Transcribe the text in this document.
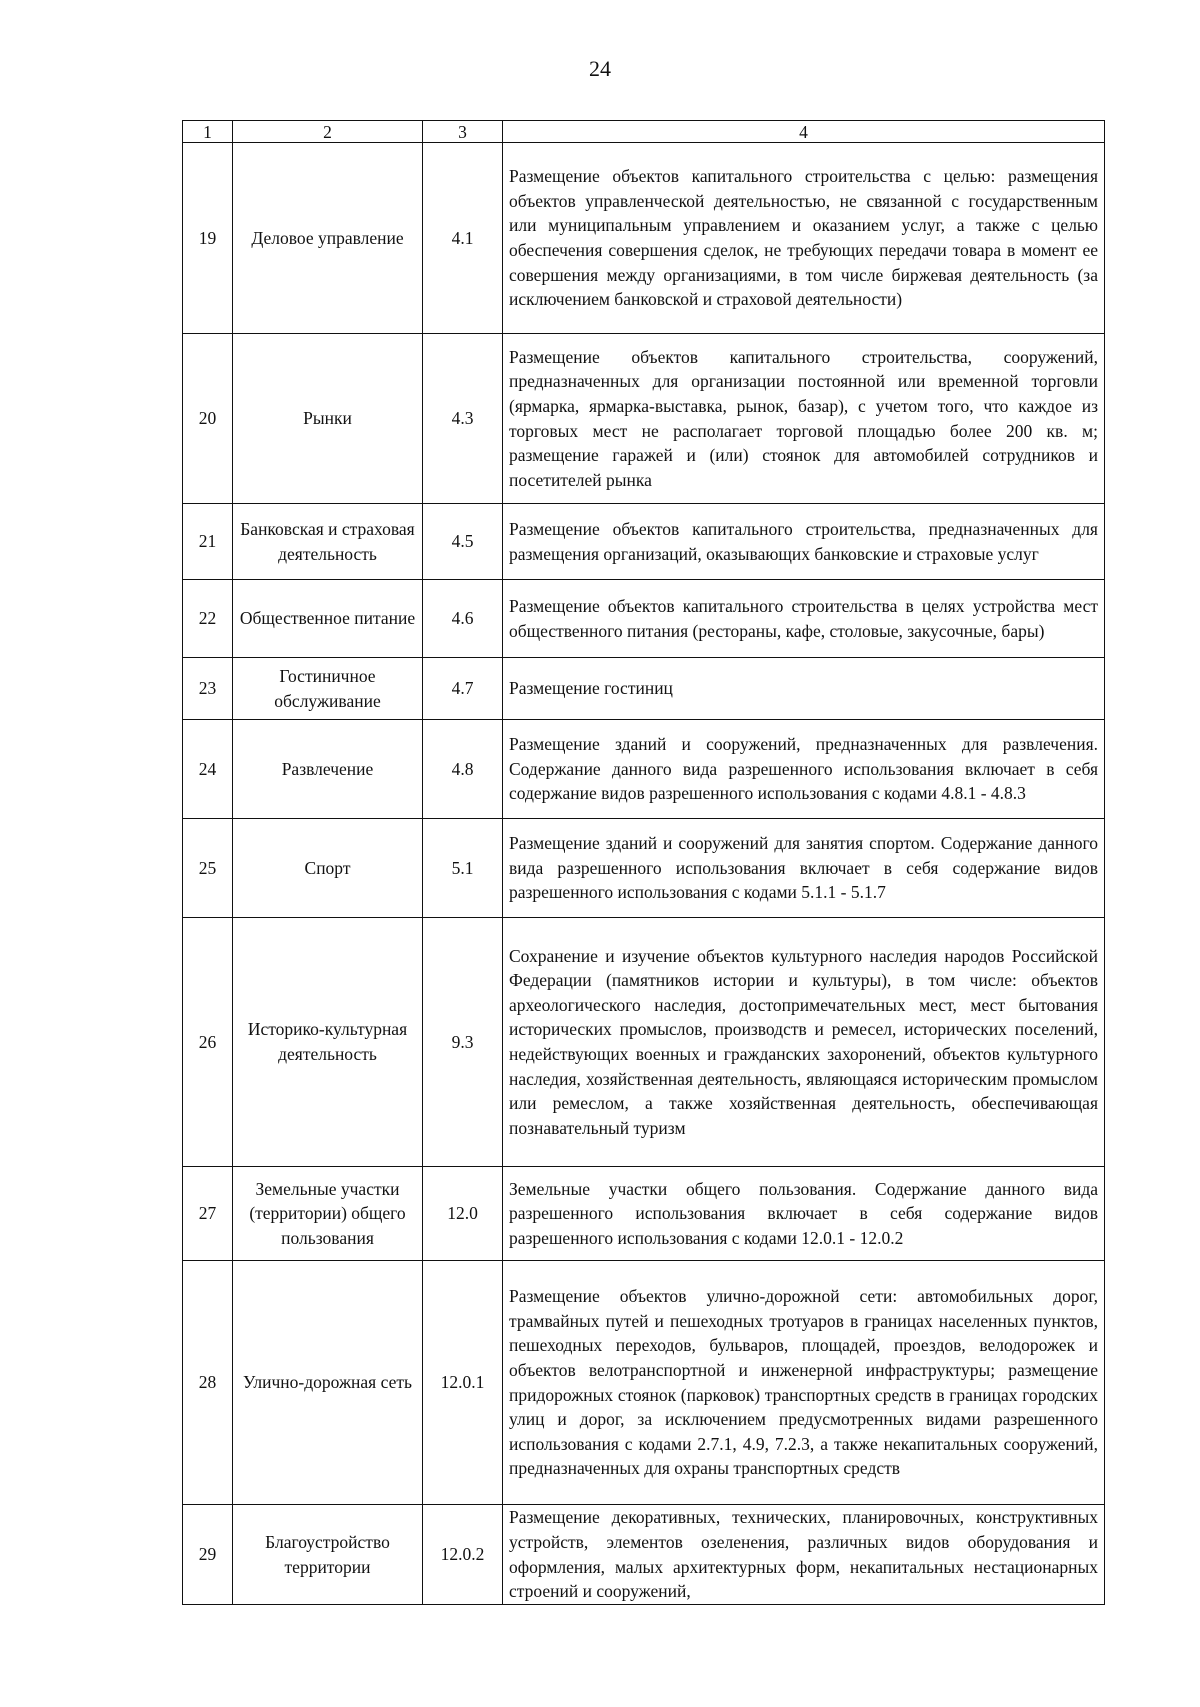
24
1	2	3	4
19	Деловое управление	4.1	Размещение объектов капитального строительства с целью: размещения объектов управленческой деятельностью, не связанной с государственным или муниципальным управлением и оказанием услуг, а также с целью обеспечения совершения сделок, не требующих передачи товара в момент ее совершения между организациями, в том числе биржевая деятельность (за исключением банковской и страховой деятельности)
20	Рынки	4.3	Размещение объектов капитального строительства, сооружений, предназначенных для организации постоянной или временной торговли (ярмарка, ярмарка-выставка, рынок, базар), с учетом того, что каждое из торговых мест не располагает торговой площадью более 200 кв. м; размещение гаражей и (или) стоянок для автомобилей сотрудников и посетителей рынка
21	Банковская и страховая деятельность	4.5	Размещение объектов капитального строительства, предназначенных для размещения организаций, оказывающих банковские и страховые услуг
22	Общественное питание	4.6	Размещение объектов капитального строительства в целях устройства мест общественного питания (рестораны, кафе, столовые, закусочные, бары)
23	Гостиничное обслуживание	4.7	Размещение гостиниц
24	Развлечение	4.8	Размещение зданий и сооружений, предназначенных для развлечения. Содержание данного вида разрешенного использования включает в себя содержание видов разрешенного использования с кодами 4.8.1 - 4.8.3
25	Спорт	5.1	Размещение зданий и сооружений для занятия спортом. Содержание данного вида разрешенного использования включает в себя содержание видов разрешенного использования с кодами 5.1.1 - 5.1.7
26	Историко-культурная деятельность	9.3	Сохранение и изучение объектов культурного наследия народов Российской Федерации (памятников истории и культуры), в том числе: объектов археологического наследия, достопримечательных мест, мест бытования исторических промыслов, производств и ремесел, исторических поселений, недействующих военных и гражданских захоронений, объектов культурного наследия, хозяйственная деятельность, являющаяся историческим промыслом или ремеслом, а также хозяйственная деятельность, обеспечивающая познавательный туризм
27	Земельные участки (территории) общего пользования	12.0	Земельные участки общего пользования. Содержание данного вида разрешенного использования включает в себя содержание видов разрешенного использования с кодами 12.0.1 - 12.0.2
28	Улично-дорожная сеть	12.0.1	Размещение объектов улично-дорожной сети: автомобильных дорог, трамвайных путей и пешеходных тротуаров в границах населенных пунктов, пешеходных переходов, бульваров, площадей, проездов, велодорожек и объектов велотранспортной и инженерной инфраструктуры; размещение придорожных стоянок (парковок) транспортных средств в границах городских улиц и дорог, за исключением предусмотренных видами разрешенного использования с кодами 2.7.1, 4.9, 7.2.3, а также некапитальных сооружений, предназначенных для охраны транспортных средств
29	Благоустройство территории	12.0.2	Размещение декоративных, технических, планировочных, конструктивных устройств, элементов озеленения, различных видов оборудования и оформления, малых архитектурных форм, некапитальных нестационарных строений и сооружений,
